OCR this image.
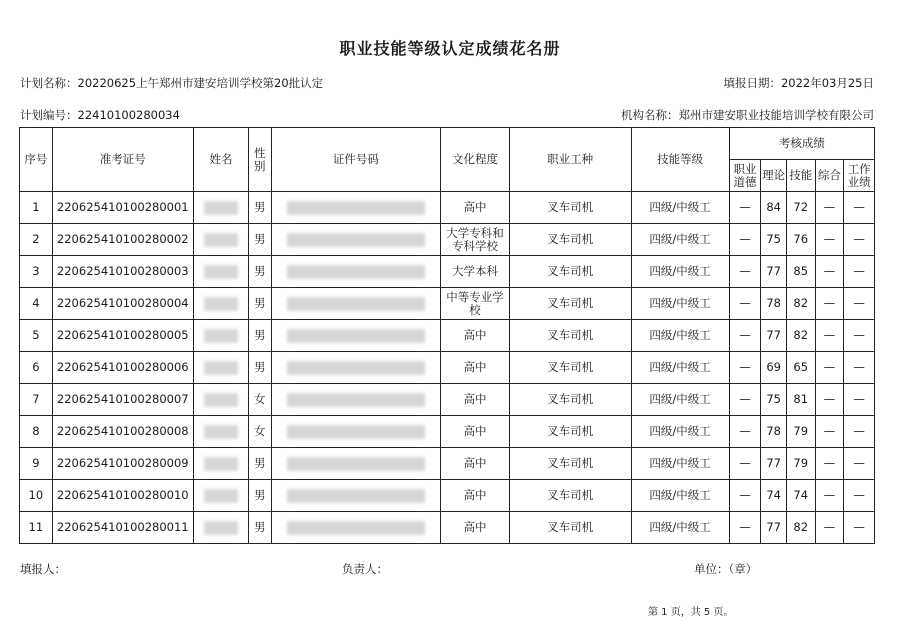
职业技能等级认定成绩花名册
计划名称：20220625上午郑州市建安培训学校第20批认定	填报日期：2022年03月25日
计划编号：22410100280034	机构名称：郑州市建安职业技能培训学校有限公司
序号	准考证号	姓名	性别	证件号码	文化程度	职业工种	技能等级	考核成绩				
								职业道德	理论	技能	综合	工作业绩
1	220625410100280001		男		高中	叉车司机	四级/中级工	—	84	72	—	—
2	220625410100280002		男		大学专科和专科学校	叉车司机	四级/中级工	—	75	76	—	—
3	220625410100280003		男		大学本科	叉车司机	四级/中级工	—	77	85	—	—
4	220625410100280004		男		中等专业学校	叉车司机	四级/中级工	—	78	82	—	—
5	220625410100280005		男		高中	叉车司机	四级/中级工	—	77	82	—	—
6	220625410100280006		男		高中	叉车司机	四级/中级工	—	69	65	—	—
7	220625410100280007		女		高中	叉车司机	四级/中级工	—	75	81	—	—
8	220625410100280008		女		高中	叉车司机	四级/中级工	—	78	79	—	—
9	220625410100280009		男		高中	叉车司机	四级/中级工	—	77	79	—	—
10	220625410100280010		男		高中	叉车司机	四级/中级工	—	74	74	—	—
11	220625410100280011		男		高中	叉车司机	四级/中级工	—	77	82	—	—
填报人：	负责人：	单位：（章）
第 1 页，共 5 页。
